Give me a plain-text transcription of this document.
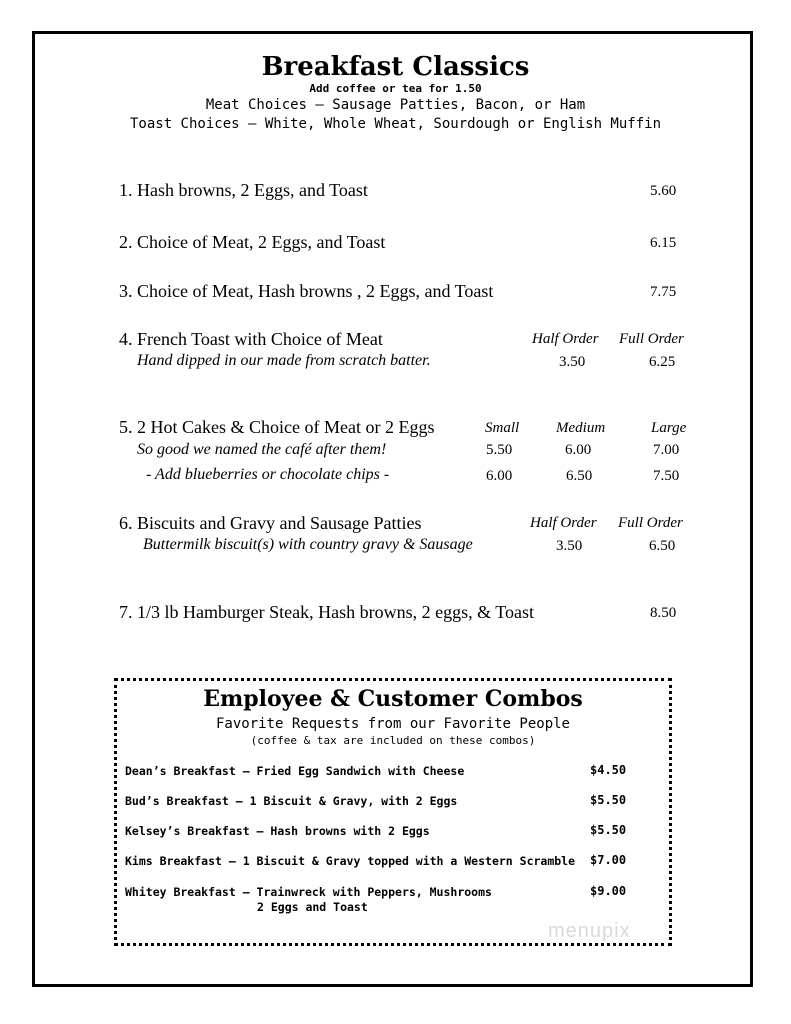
Breakfast Classics
Add coffee or tea for 1.50
Meat Choices – Sausage Patties, Bacon, or Ham
Toast Choices – White, Whole Wheat, Sourdough or English Muffin
1. Hash browns, 2 Eggs, and Toast	5.60
2. Choice of Meat, 2 Eggs, and Toast	6.15
3. Choice of Meat, Hash browns , 2 Eggs, and Toast	7.75
4. French Toast with Choice of Meat
Hand dipped in our made from scratch batter.
Half Order Full Order
3.50	6.25
5. 2 Hot Cakes & Choice of Meat or 2 Eggs
So good we named the café after them!
Small Medium	Large
5.50	6.00	7.00
- Add blueberries or chocolate chips -	6.00	6.50	7.50
6. Biscuits and Gravy and Sausage Patties
Buttermilk biscuit(s) with country gravy & Sausage
Half Order Full Order
3.50	6.50
7. 1/3 lb Hamburger Steak, Hash browns, 2 eggs, & Toast	8.50
Employee & Customer Combos
Favorite Requests from our Favorite People
(coffee & tax are included on these combos)
Dean’s Breakfast – Fried Egg Sandwich with Cheese	$4.50
Bud’s Breakfast – 1 Biscuit & Gravy, with 2 Eggs	$5.50
Kelsey’s Breakfast – Hash browns with 2 Eggs	$5.50
Kims Breakfast – 1 Biscuit & Gravy topped with a Western Scramble $7.00
Whitey Breakfast – Trainwreck with Peppers, Mushrooms
2 Eggs and Toast
$9.00
menupix
